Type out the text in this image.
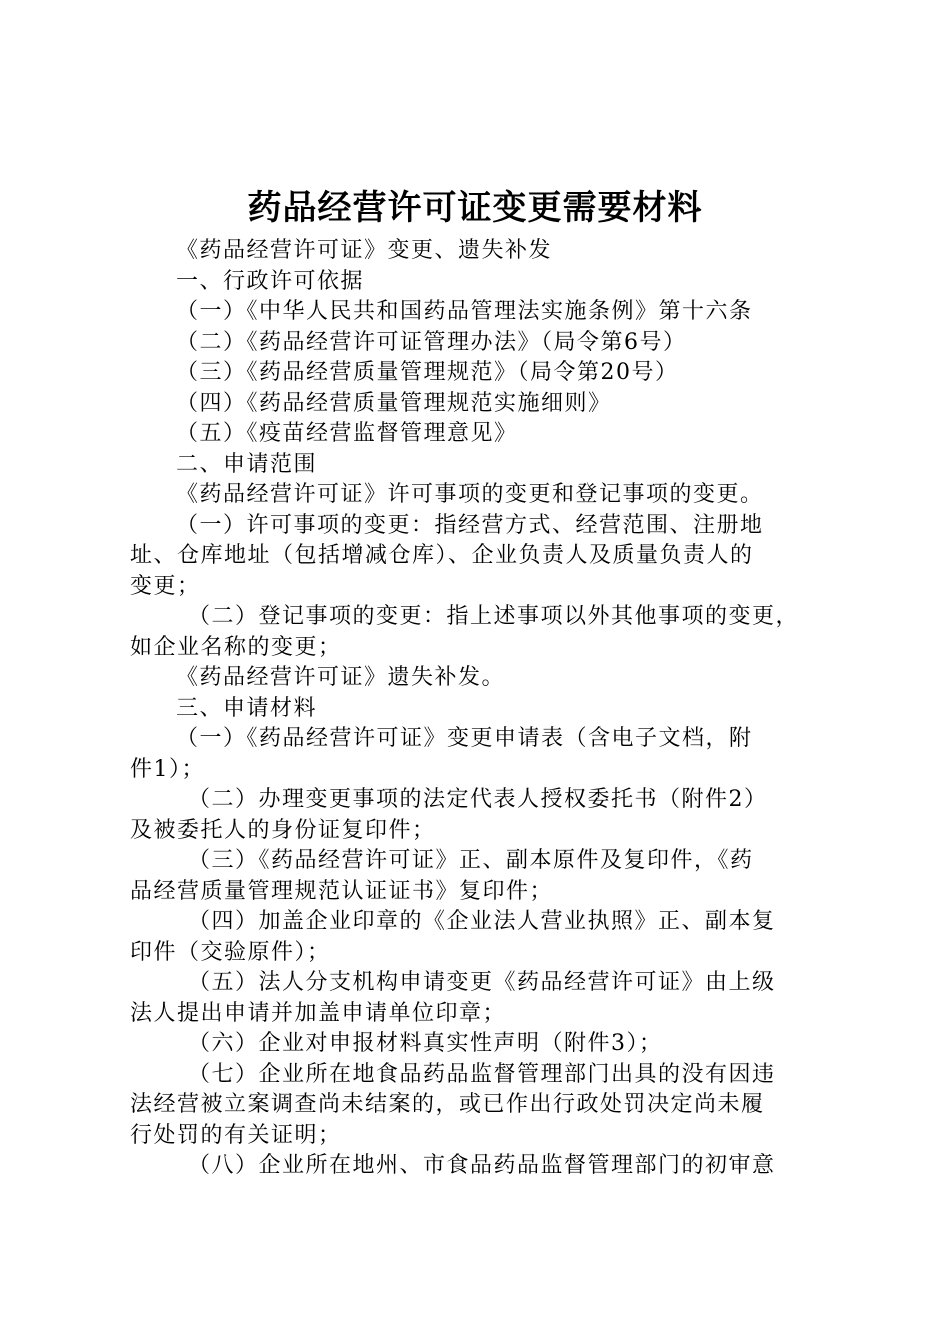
药品经营许可证变更需要材料

《药品经营许可证》变更、遗失补发

一、行政许可依据

（一）《中华人民共和国药品管理法实施条例》第十六条

（二）《药品经营许可证管理办法》（局令第6号）

（三）《药品经营质量管理规范》（局令第20号）

（四）《药品经营质量管理规范实施细则》

（五）《疫苗经营监督管理意见》

二、申请范围

《药品经营许可证》许可事项的变更和登记事项的变更。

（一）许可事项的变更：指经营方式、经营范围、注册地

址、仓库地址（包括增减仓库）、企业负责人及质量负责人的

变更；

（二）登记事项的变更：指上述事项以外其他事项的变更，

如企业名称的变更；

《药品经营许可证》遗失补发。

三、申请材料

（一）《药品经营许可证》变更申请表（含电子文档，附

件1）；

（二）办理变更事项的法定代表人授权委托书（附件2）

及被委托人的身份证复印件；

（三）《药品经营许可证》正、副本原件及复印件，《药

品经营质量管理规范认证证书》复印件；

（四）加盖企业印章的《企业法人营业执照》正、副本复

印件（交验原件）；

（五）法人分支机构申请变更《药品经营许可证》由上级

法人提出申请并加盖申请单位印章；

（六）企业对申报材料真实性声明（附件3）；

（七）企业所在地食品药品监督管理部门出具的没有因违

法经营被立案调查尚未结案的，或已作出行政处罚决定尚未履

行处罚的有关证明；

（八）企业所在地州、市食品药品监督管理部门的初审意
